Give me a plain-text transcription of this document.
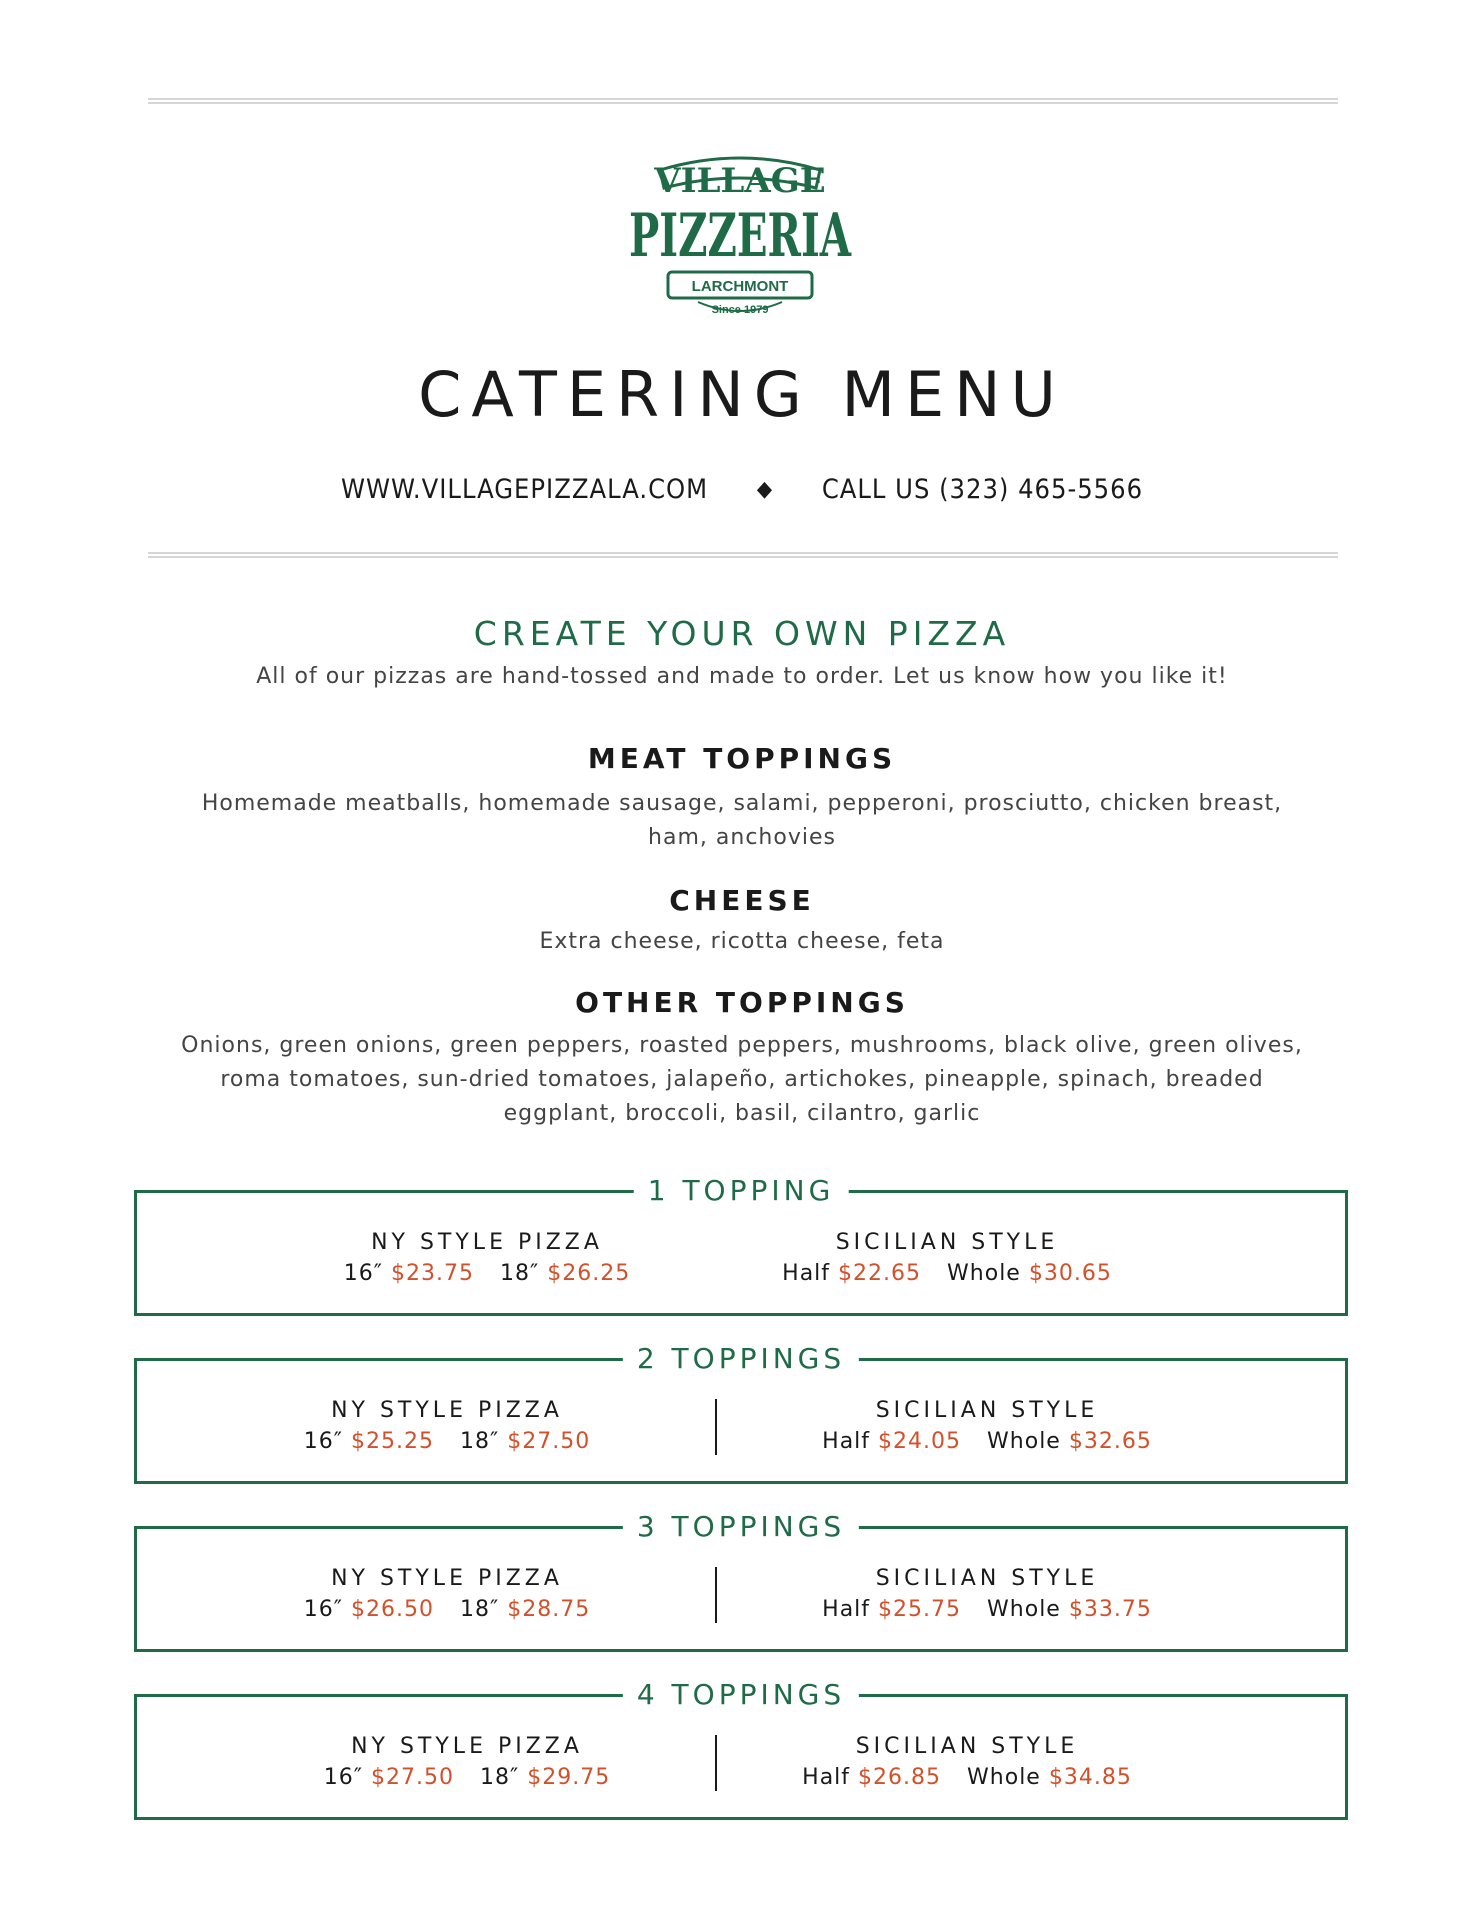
VILLAGE
PIZZERIA
LARCHMONT
Since 1979
CATERING MENU
WWW.VILLAGEPIZZALA.COM ◆ CALL US (323) 465-5566
CREATE YOUR OWN PIZZA
All of our pizzas are hand-tossed and made to order. Let us know how you like it!
MEAT TOPPINGS
Homemade meatballs, homemade sausage, salami, pepperoni, prosciutto, chicken breast, ham, anchovies
CHEESE
Extra cheese, ricotta cheese, feta
OTHER TOPPINGS
Onions, green onions, green peppers, roasted peppers, mushrooms, black olive, green olives, roma tomatoes, sun-dried tomatoes, jalapeño, artichokes, pineapple, spinach, breaded eggplant, broccoli, basil, cilantro, garlic
1 TOPPING
NY STYLE PIZZA
16″ $23.75 18″ $26.25
SICILIAN STYLE
Half $22.65 Whole $30.65
2 TOPPINGS
NY STYLE PIZZA
16″ $25.25 18″ $27.50
SICILIAN STYLE
Half $24.05 Whole $32.65
3 TOPPINGS
NY STYLE PIZZA
16″ $26.50 18″ $28.75
SICILIAN STYLE
Half $25.75 Whole $33.75
4 TOPPINGS
NY STYLE PIZZA
16″ $27.50 18″ $29.75
SICILIAN STYLE
Half $26.85 Whole $34.85
